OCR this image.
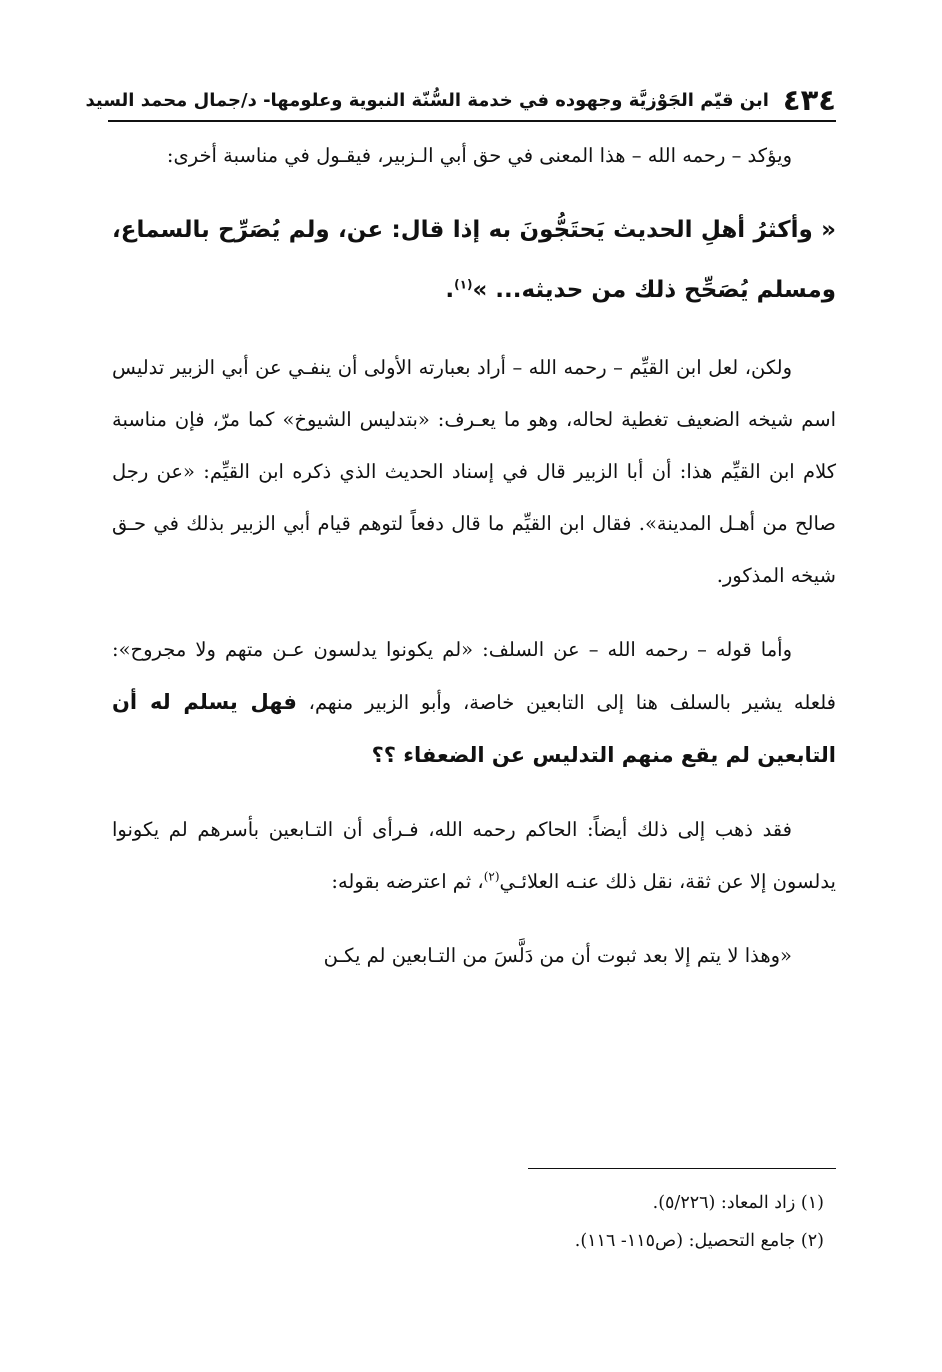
٤٣٤
ابن قيّم الجَوْزيَّة وجهوده في خدمة السُّنّة النبوية وعلومها- د/جمال محمد السيد

ويؤكد – رحمه الله – هذا المعنى في حق أبي الـزبير، فيقـول في مناسبة أخرى:

« وأكثرُ أهلِ الحديث يَحتَجُّونَ به إذا قال: عن، ولم يُصَرِّح بالسماع، ومسلم يُصَحِّح ذلك من حديثه... »$^{(١)}$.

ولكن، لعل ابن القيِّم – رحمه الله – أراد بعبارته الأولى أن ينفـي عن أبي الزبير تدليس اسم شيخه الضعيف تغطية لحاله، وهو ما يعـرف: «بتدليس الشيوخ» كما مرّ، فإن مناسبة كلام ابن القيِّم هذا: أن أبا الزبير قال في إسناد الحديث الذي ذكره ابن القيِّم: «عن رجل صالح من أهـل المدينة». فقال ابن القيِّم ما قال دفعاً لتوهم قيام أبي الزبير بذلك في حـق شيخه المذكور.

وأما قوله – رحمه الله – عن السلف: «لم يكونوا يدلسون عـن متهم ولا مجروح»: فلعله يشير بالسلف هنا إلى التابعين خاصة، وأبو الزبير منهم، فهل يسلم له أن التابعين لم يقع منهم التدليس عن الضعفاء ؟؟

فقد ذهب إلى ذلك أيضاً: الحاكم رحمه الله، فـرأى أن التـابعين بأسرهم لم يكونوا يدلسون إلا عن ثقة، نقل ذلك عنـه العلائـي$^{(٢)}$، ثم اعترضه بقوله:

«وهذا لا يتم إلا بعد ثبوت أن من دَلَّسَ من التـابعين لم يكـن

(١) زاد المعاد: (٥/٢٢٦).

(٢) جامع التحصيل: (ص١١٥- ١١٦).
